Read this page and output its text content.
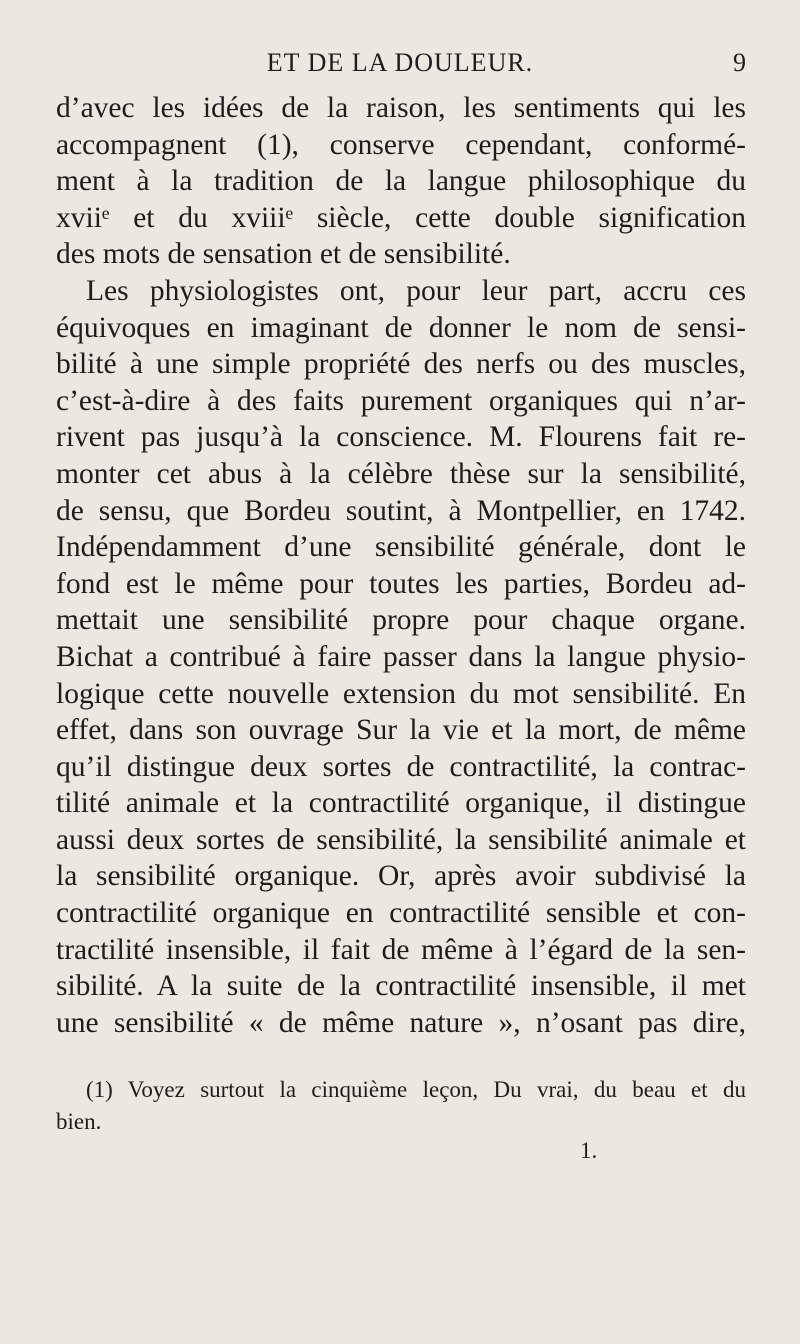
ET DE LA DOULEUR.	9
d’avec les idées de la raison, les sentiments qui les
accompagnent (1), conserve cependant, conformé-
ment à la tradition de la langue philosophique du
xviiᵉ et du xviiiᵉ siècle, cette double signification
des mots de sensation et de sensibilité.
Les physiologistes ont, pour leur part, accru ces
équivoques en imaginant de donner le nom de sensi-
bilité à une simple propriété des nerfs ou des muscles,
c’est-à-dire à des faits purement organiques qui n’ar-
rivent pas jusqu’à la conscience. M. Flourens fait re-
monter cet abus à la célèbre thèse sur la sensibilité,
de sensu, que Bordeu soutint, à Montpellier, en 1742.
Indépendamment d’une sensibilité générale, dont le
fond est le même pour toutes les parties, Bordeu ad-
mettait une sensibilité propre pour chaque organe.
Bichat a contribué à faire passer dans la langue physio-
logique cette nouvelle extension du mot sensibilité. En
effet, dans son ouvrage Sur la vie et la mort, de même
qu’il distingue deux sortes de contractilité, la contrac-
tilité animale et la contractilité organique, il distingue
aussi deux sortes de sensibilité, la sensibilité animale et
la sensibilité organique. Or, après avoir subdivisé la
contractilité organique en contractilité sensible et con-
tractilité insensible, il fait de même à l’égard de la sen-
sibilité. A la suite de la contractilité insensible, il met
une sensibilité « de même nature », n’osant pas dire,
(1) Voyez surtout la cinquième leçon, Du vrai, du beau et du
bien.
1.
